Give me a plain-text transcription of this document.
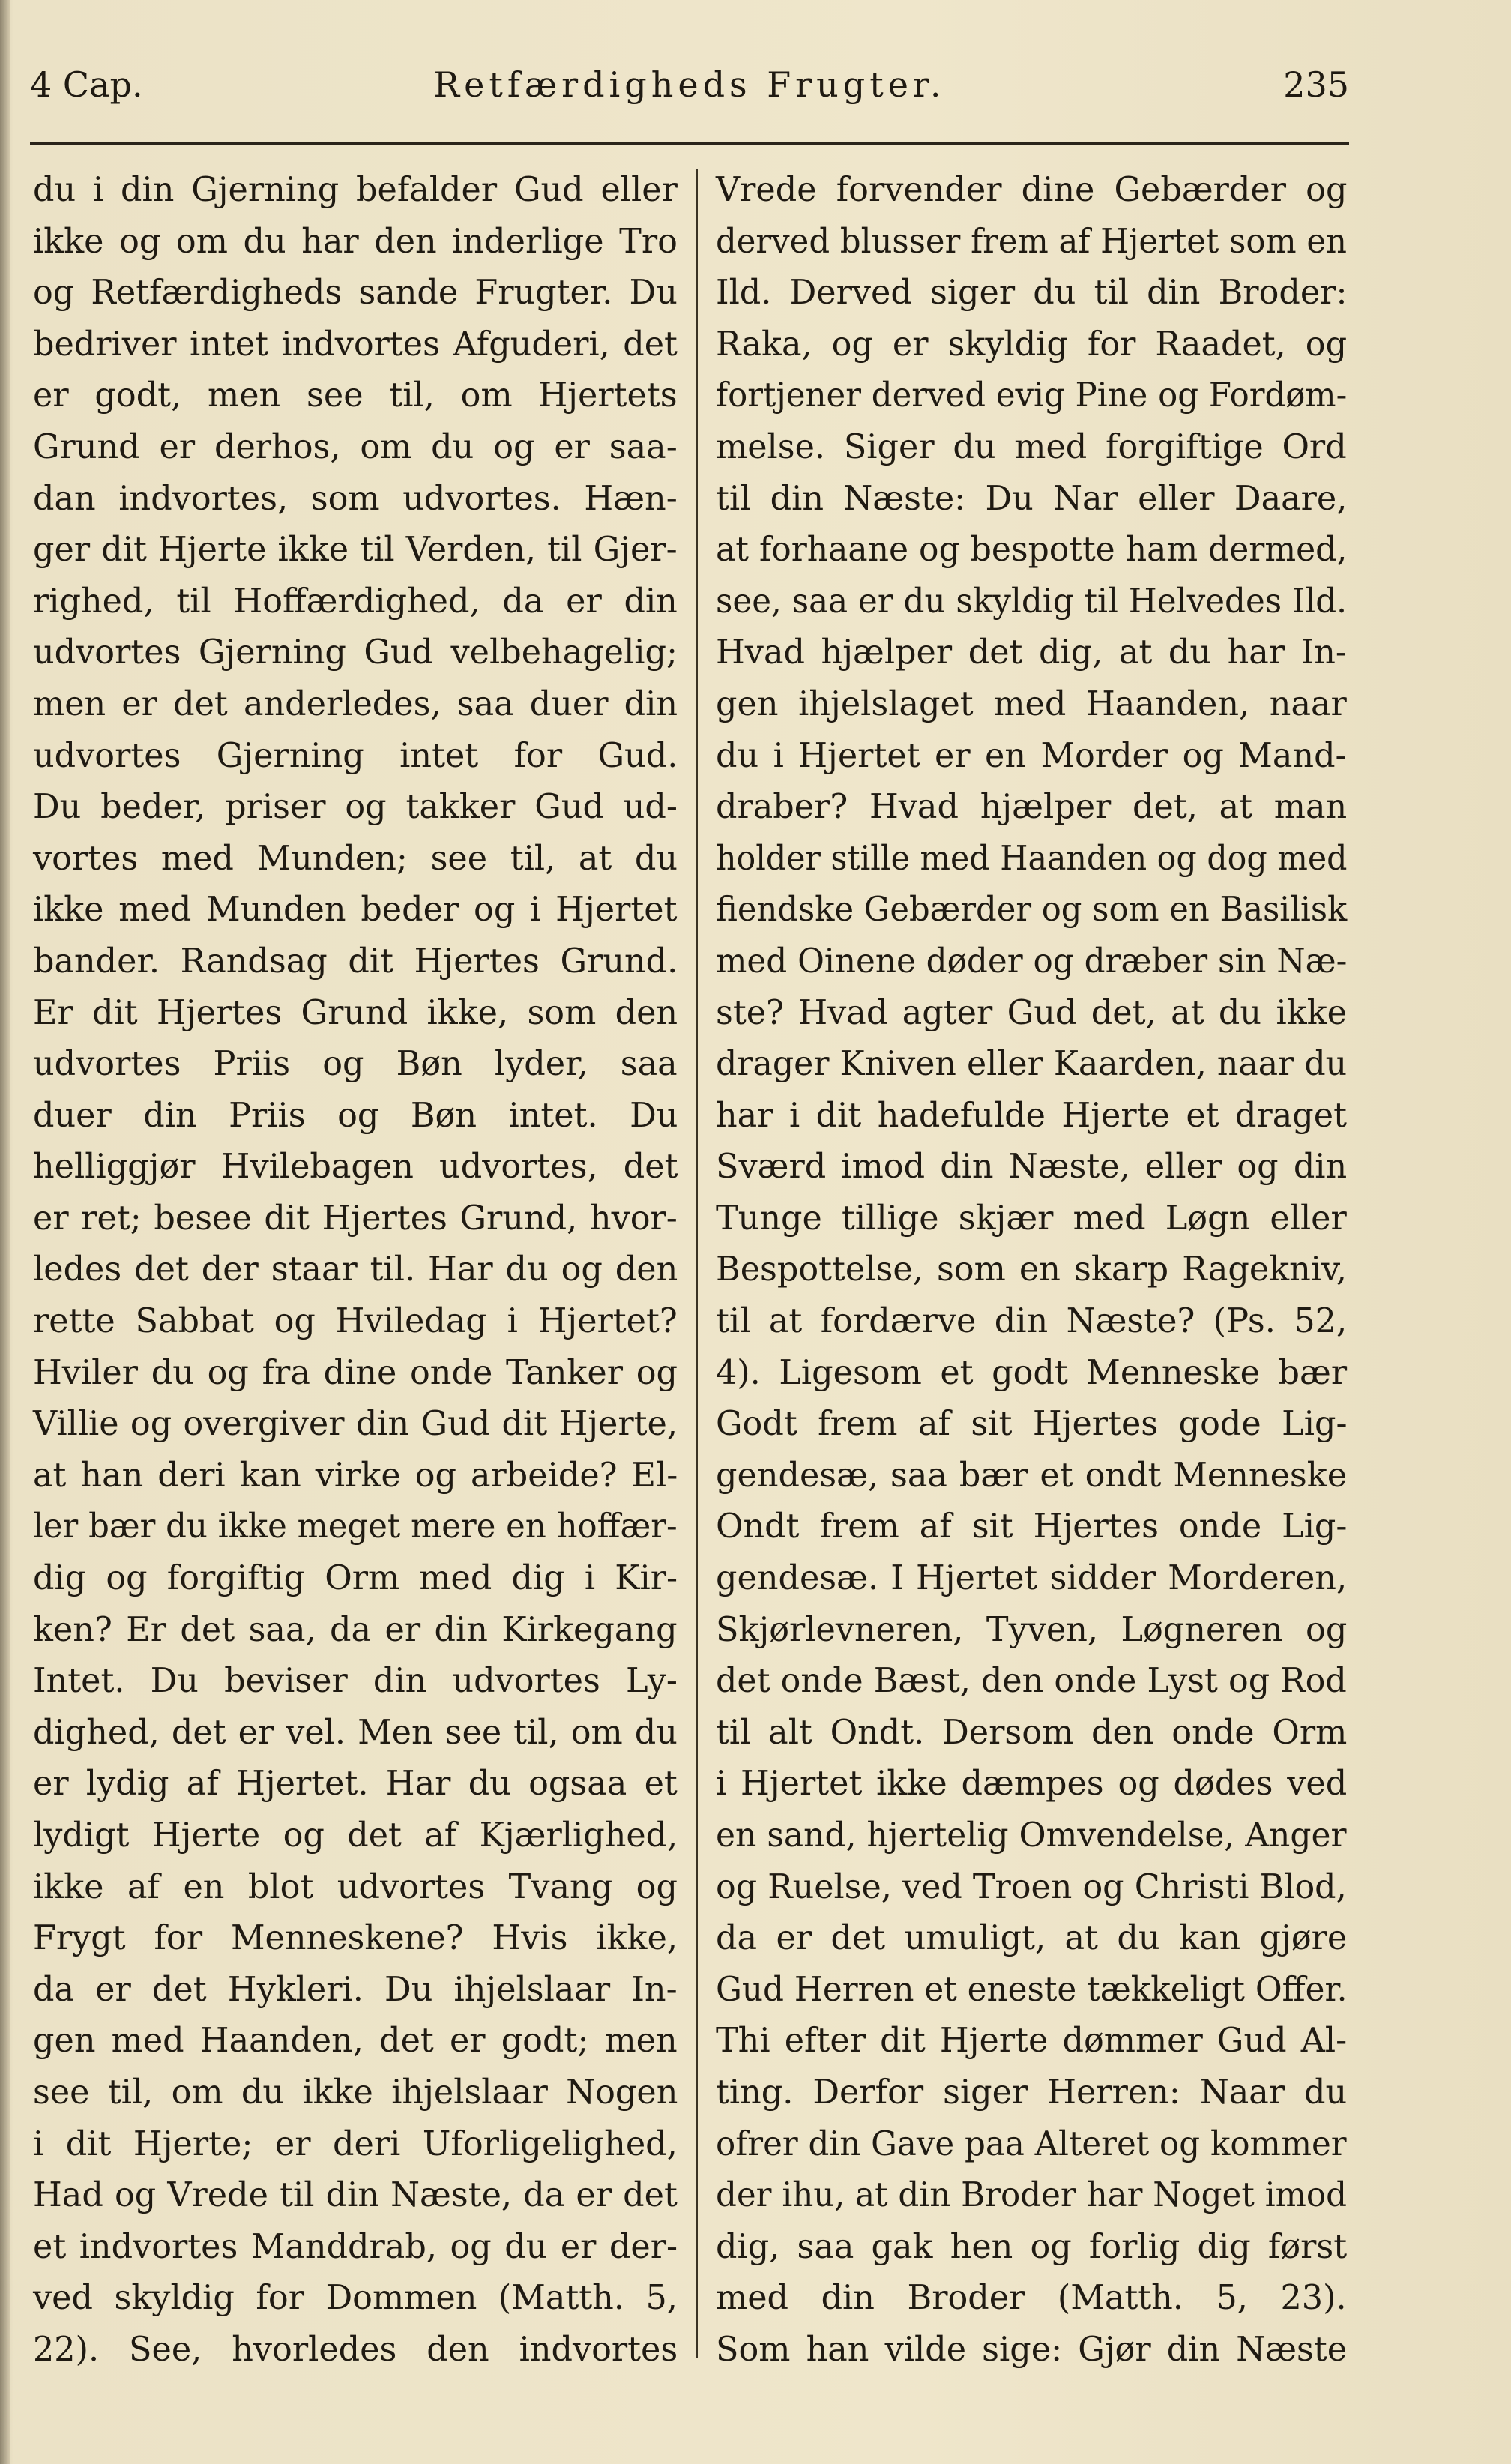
4 Cap.	Retfærdigheds Frugter.	235
du i din Gjerning befalder Gud eller
ikke og om du har den inderlige Tro
og Retfærdigheds sande Frugter. Du
bedriver intet indvortes Afguderi, det
er godt, men see til, om Hjertets
Grund er derhos, om du og er saa-
dan indvortes, som udvortes. Hæn-
ger dit Hjerte ikke til Verden, til Gjer-
righed, til Hoffærdighed, da er din
udvortes Gjerning Gud velbehagelig;
men er det anderledes, saa duer din
udvortes Gjerning intet for Gud.
Du beder, priser og takker Gud ud-
vortes med Munden; see til, at du
ikke med Munden beder og i Hjertet
bander. Randsag dit Hjertes Grund.
Er dit Hjertes Grund ikke, som den
udvortes Priis og Bøn lyder, saa
duer din Priis og Bøn intet. Du
helliggjør Hvilebagen udvortes, det
er ret; besee dit Hjertes Grund, hvor-
ledes det der staar til. Har du og den
rette Sabbat og Hviledag i Hjertet?
Hviler du og fra dine onde Tanker og
Villie og overgiver din Gud dit Hjerte,
at han deri kan virke og arbeide? El-
ler bær du ikke meget mere en hoffær-
dig og forgiftig Orm med dig i Kir-
ken? Er det saa, da er din Kirkegang
Intet. Du beviser din udvortes Ly-
dighed, det er vel. Men see til, om du
er lydig af Hjertet. Har du ogsaa et
lydigt Hjerte og det af Kjærlighed,
ikke af en blot udvortes Tvang og
Frygt for Menneskene? Hvis ikke,
da er det Hykleri. Du ihjelslaar In-
gen med Haanden, det er godt; men
see til, om du ikke ihjelslaar Nogen
i dit Hjerte; er deri Uforligelighed,
Had og Vrede til din Næste, da er det
et indvortes Manddrab, og du er der-
ved skyldig for Dommen (Matth. 5,
22). See, hvorledes den indvortes
Vrede forvender dine Gebærder og
derved blusser frem af Hjertet som en
Ild. Derved siger du til din Broder:
Raka, og er skyldig for Raadet, og
fortjener derved evig Pine og Fordøm-
melse. Siger du med forgiftige Ord
til din Næste: Du Nar eller Daare,
at forhaane og bespotte ham dermed,
see, saa er du skyldig til Helvedes Ild.
Hvad hjælper det dig, at du har In-
gen ihjelslaget med Haanden, naar
du i Hjertet er en Morder og Mand-
draber? Hvad hjælper det, at man
holder stille med Haanden og dog med
fiendske Gebærder og som en Basilisk
med Oinene døder og dræber sin Næ-
ste? Hvad agter Gud det, at du ikke
drager Kniven eller Kaarden, naar du
har i dit hadefulde Hjerte et draget
Sværd imod din Næste, eller og din
Tunge tillige skjær med Løgn eller
Bespottelse, som en skarp Ragekniv,
til at fordærve din Næste? (Ps. 52,
4). Ligesom et godt Menneske bær
Godt frem af sit Hjertes gode Lig-
gendesæ, saa bær et ondt Menneske
Ondt frem af sit Hjertes onde Lig-
gendesæ. I Hjertet sidder Morderen,
Skjørlevneren, Tyven, Løgneren og
det onde Bæst, den onde Lyst og Rod
til alt Ondt. Dersom den onde Orm
i Hjertet ikke dæmpes og dødes ved
en sand, hjertelig Omvendelse, Anger
og Ruelse, ved Troen og Christi Blod,
da er det umuligt, at du kan gjøre
Gud Herren et eneste tækkeligt Offer.
Thi efter dit Hjerte dømmer Gud Al-
ting. Derfor siger Herren: Naar du
ofrer din Gave paa Alteret og kommer
der ihu, at din Broder har Noget imod
dig, saa gak hen og forlig dig først
med din Broder (Matth. 5, 23).
Som han vilde sige: Gjør din Næste
